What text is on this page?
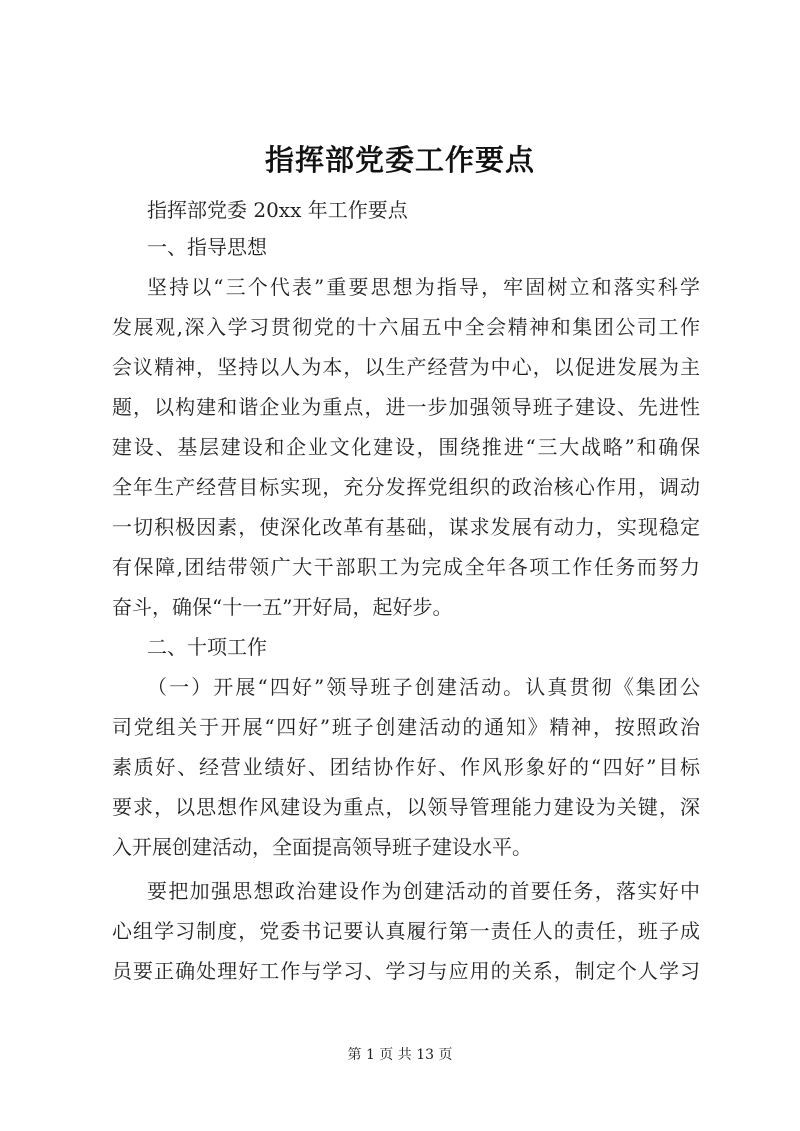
指挥部党委工作要点
指挥部党委 20xx 年工作要点
一、指导思想
坚持以“三个代表”重要思想为指导，牢固树立和落实科学
发展观,深入学习贯彻党的十六届五中全会精神和集团公司工作
会议精神，坚持以人为本，以生产经营为中心，以促进发展为主
题，以构建和谐企业为重点，进一步加强领导班子建设、先进性
建设、基层建设和企业文化建设，围绕推进“三大战略”和确保
全年生产经营目标实现，充分发挥党组织的政治核心作用，调动
一切积极因素，使深化改革有基础，谋求发展有动力，实现稳定
有保障,团结带领广大干部职工为完成全年各项工作任务而努力
奋斗，确保“十一五”开好局，起好步。
二、十项工作
（一）开展“四好”领导班子创建活动。认真贯彻《集团公
司党组关于开展“四好”班子创建活动的通知》精神，按照政治
素质好、经营业绩好、团结协作好、作风形象好的“四好”目标
要求，以思想作风建设为重点，以领导管理能力建设为关键，深
入开展创建活动，全面提高领导班子建设水平。
要把加强思想政治建设作为创建活动的首要任务，落实好中
心组学习制度，党委书记要认真履行第一责任人的责任，班子成
员要正确处理好工作与学习、学习与应用的关系，制定个人学习
第 1 页 共 13 页
